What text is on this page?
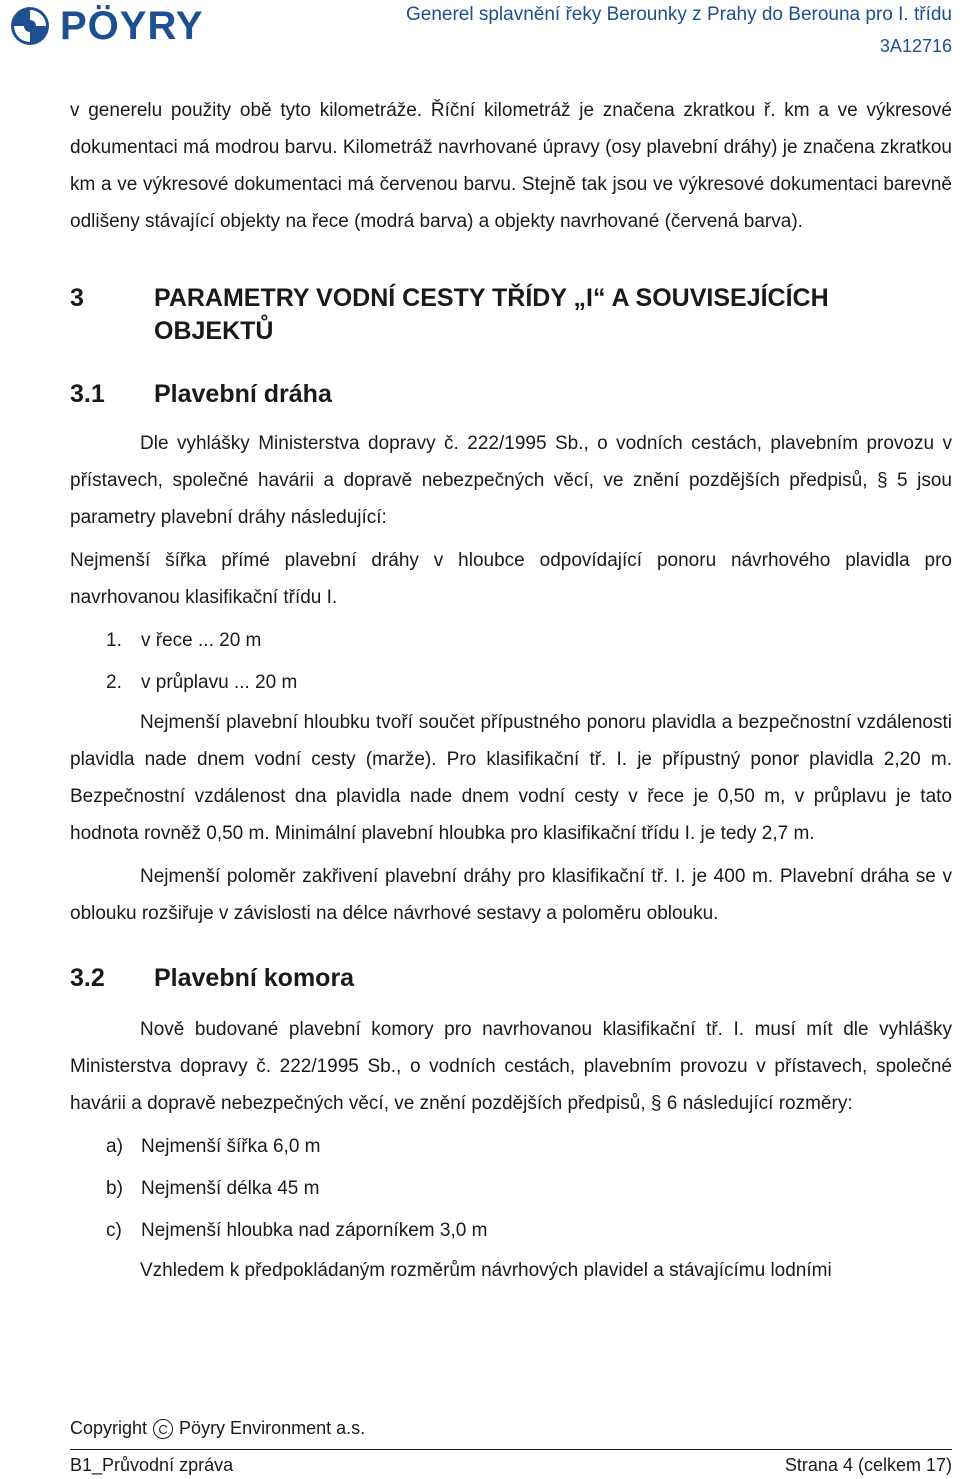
PÖYRY	Generel splavnění řeky Berounky z Prahy do Berouna pro I. třídu
3A12716

v generelu použity obě tyto kilometráže. Říční kilometráž je značena zkratkou ř. km a ve výkresové dokumentaci má modrou barvu. Kilometráž navrhované úpravy (osy plavební dráhy) je značena zkratkou km a ve výkresové dokumentaci má červenou barvu. Stejně tak jsou ve výkresové dokumentaci barevně odlišeny stávající objekty na řece (modrá barva) a objekty navrhované (červená barva).

3	PARAMETRY VODNÍ CESTY TŘÍDY „I“ A SOUVISEJÍCÍCH OBJEKTŮ
3.1	Plavební dráha

Dle vyhlášky Ministerstva dopravy č. 222/1995 Sb., o vodních cestách, plavebním provozu v přístavech, společné havárii a dopravě nebezpečných věcí, ve znění pozdějších předpisů, § 5 jsou parametry plavební dráhy následující:

Nejmenší šířka přímé plavební dráhy v hloubce odpovídající ponoru návrhového plavidla pro navrhovanou klasifikační třídu I.

1.	v řece ... 20 m
2.	v průplavu ... 20 m

Nejmenší plavební hloubku tvoří součet přípustného ponoru plavidla a bezpečnostní vzdálenosti plavidla nade dnem vodní cesty (marže). Pro klasifikační tř. I. je přípustný ponor plavidla 2,20 m. Bezpečnostní vzdálenost dna plavidla nade dnem vodní cesty v řece je 0,50 m, v průplavu je tato hodnota rovněž 0,50 m. Minimální plavební hloubka pro klasifikační třídu I. je tedy 2,7 m.

Nejmenší poloměr zakřivení plavební dráhy pro klasifikační tř. I. je 400 m. Plavební dráha se v oblouku rozšiřuje v závislosti na délce návrhové sestavy a poloměru oblouku.

3.2	Plavební komora

Nově budované plavební komory pro navrhovanou klasifikační tř. I. musí mít dle vyhlášky Ministerstva dopravy č. 222/1995 Sb., o vodních cestách, plavebním provozu v přístavech, společné havárii a dopravě nebezpečných věcí, ve znění pozdějších předpisů, § 6 následující rozměry:

a) Nejmenší šířka 6,0 m
b) Nejmenší délka 45 m
c)	Nejmenší hloubka nad záporníkem 3,0 m

Vzhledem k předpokládaným rozměrům návrhových plavidel a stávajícímu lodními

Copyright C Pöyry Environment a.s.
B1_Průvodní zpráva	Strana 4 (celkem 17)
